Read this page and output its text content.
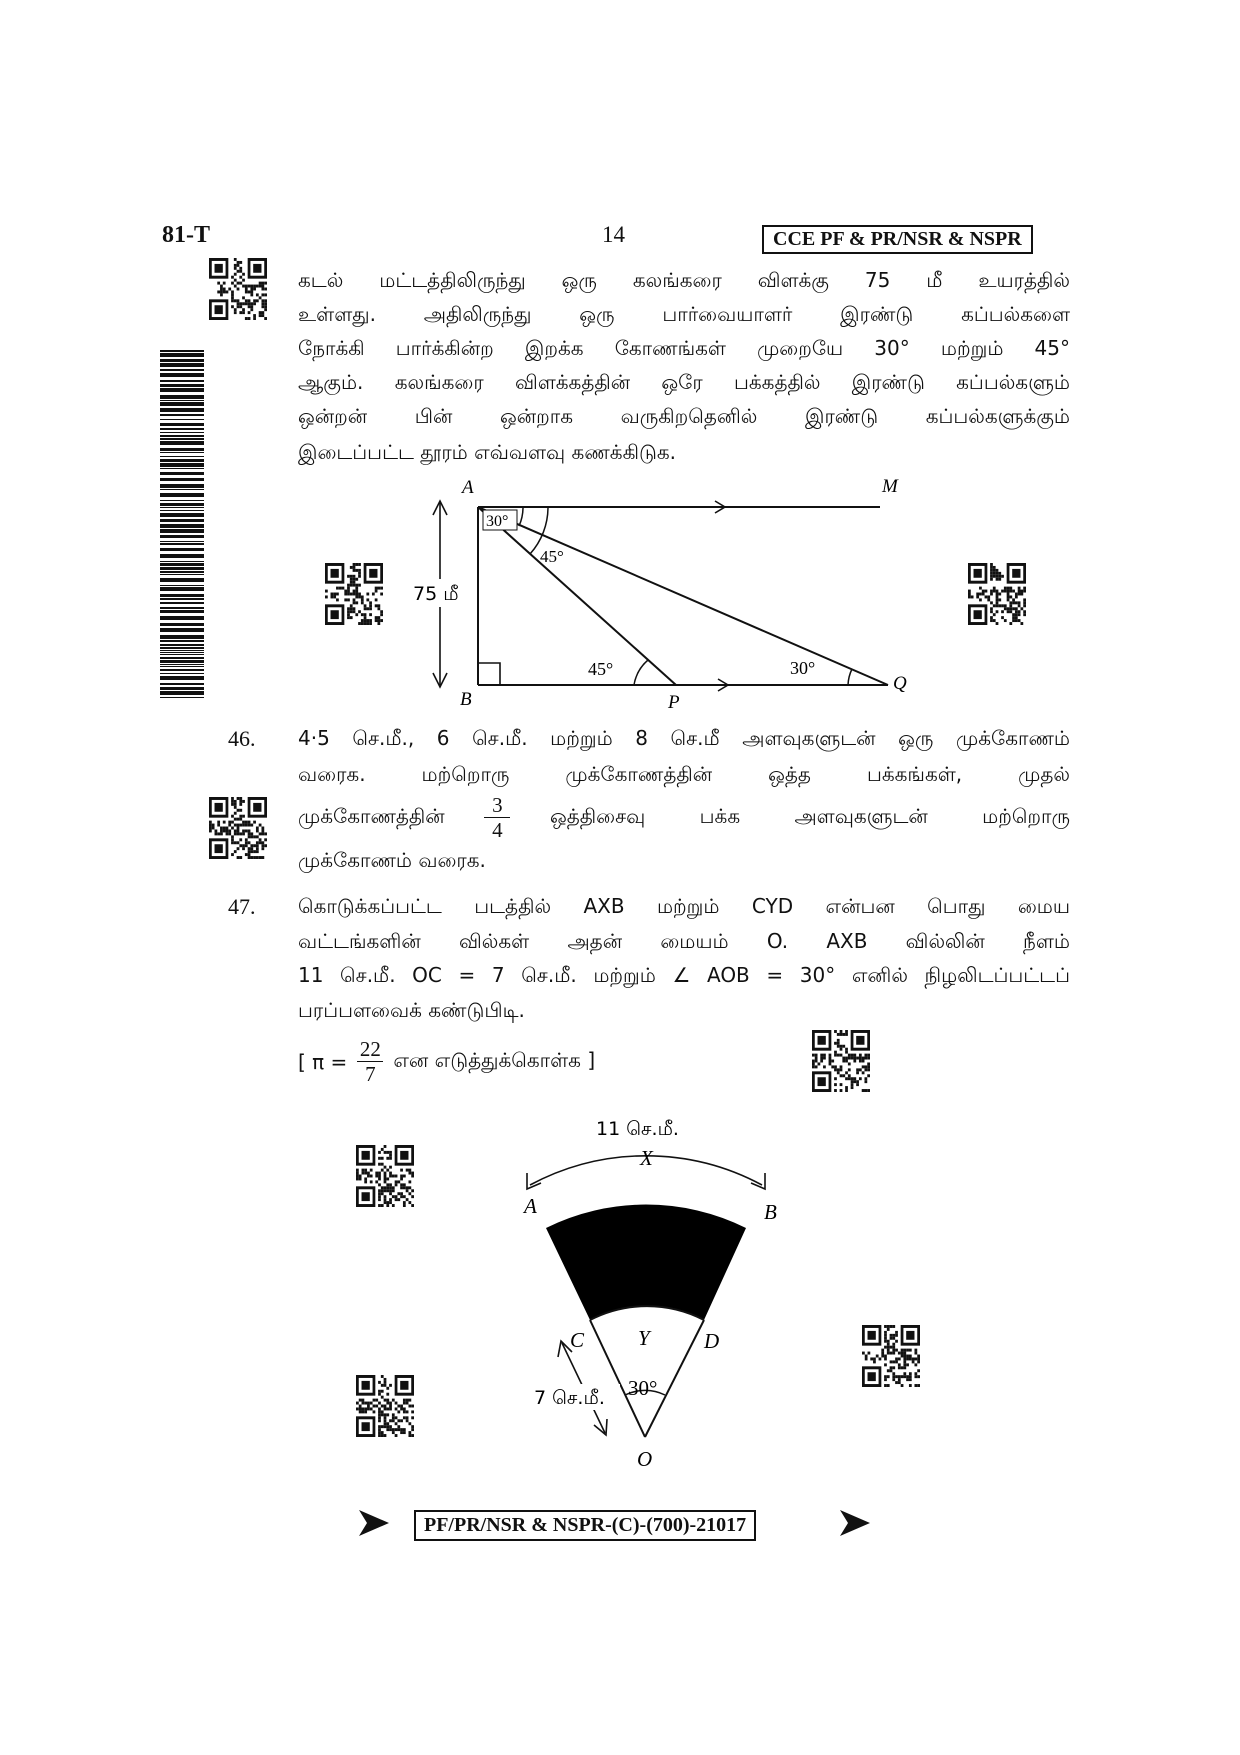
81-T	14	CCE PF & PR/NSR & NSPR
கடல் மட்டத்திலிருந்து ஒரு கலங்கரை விளக்கு 75 மீ உயரத்தில்
உள்ளது. அதிலிருந்து ஒரு பார்வையாளர் இரண்டு கப்பல்களை
நோக்கி பார்க்கின்ற இறக்க கோணங்கள் முறையே 30° மற்றும் 45°
ஆகும். கலங்கரை விளக்கத்தின் ஒரே பக்கத்தில் இரண்டு கப்பல்களும்
ஒன்றன் பின் ஒன்றாக வருகிறதெனில் இரண்டு கப்பல்களுக்கும்
இடைப்பட்ட தூரம் எவ்வளவு கணக்கிடுக.
75 மீ
30°
45°
45°	30°
A	M
B	P
Q
46. 4·5 செ.மீ., 6 செ.மீ. மற்றும் 8 செ.மீ அளவுகளுடன் ஒரு முக்கோணம்
வரைக. மற்றொரு முக்கோணத்தின் ஒத்த பக்கங்கள், முதல்
முக்கோணத்தின் $\frac{3}{4}$ ஒத்திசைவு பக்க அளவுகளுடன் மற்றொரு
முக்கோணம் வரைக.
47. கொடுக்கப்பட்ட படத்தில் AXB மற்றும் CYD என்பன பொது மைய
வட்டங்களின் வில்கள் அதன் மையம் O. AXB வில்லின் நீளம்
11 செ.மீ. OC = 7 செ.மீ. மற்றும் ∠ AOB = 30° எனில் நிழலிடப்பட்டப்
பரப்பளவைக் கண்டுபிடி.
[ $\pi = \frac{22}{7}$ என எடுத்துக்கொள்க ]
11 செ.மீ.
7 செ.மீ.
X
A	B
C	Y	D
O
30°
PF/PR/NSR & NSPR-(C)-(700)-21017
